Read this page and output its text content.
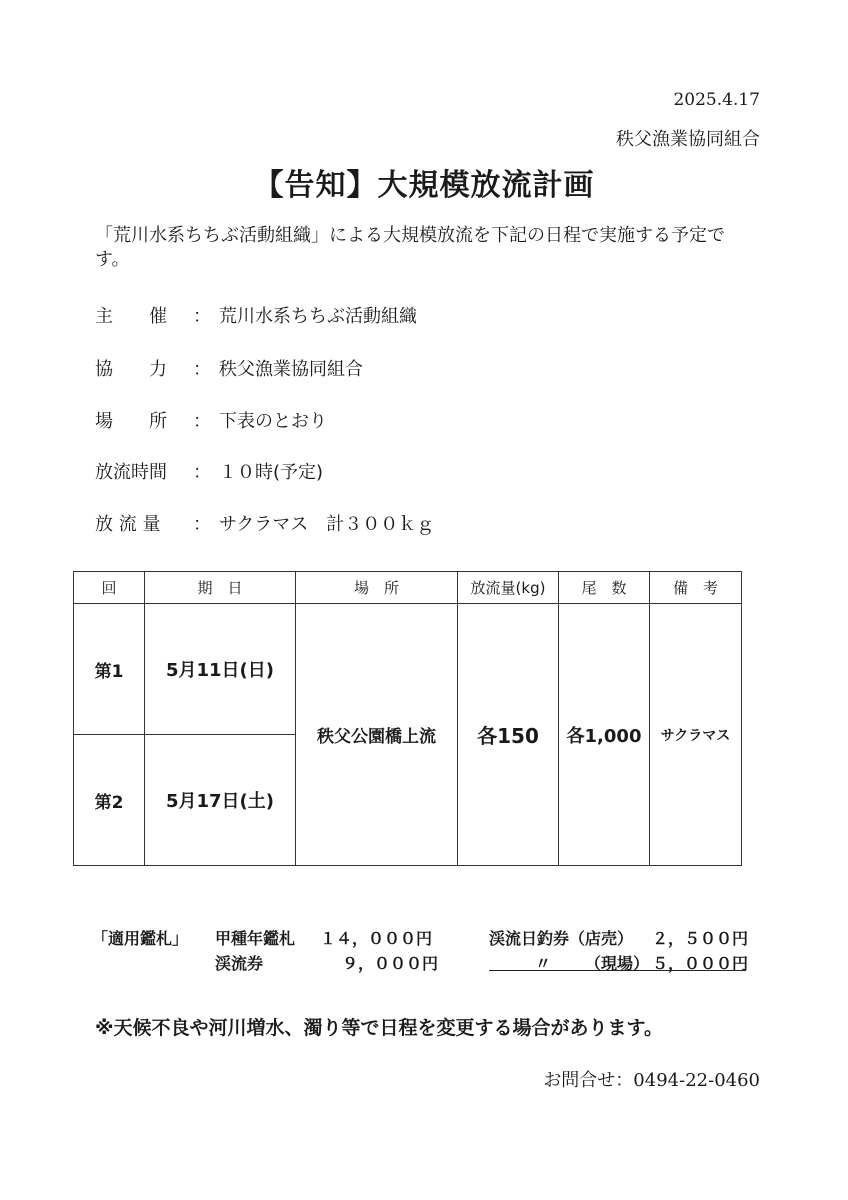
2025.4.17
秩父漁業協同組合
【告知】大規模放流計画
「荒川水系ちちぶ活動組織」による大規模放流を下記の日程で実施する予定です。
主　　催	： 荒川水系ちちぶ活動組織
協　　力	： 秩父漁業協同組合
場　　所	： 下表のとおり
放流時間	： １０時(予定)
放 流 量	： サクラマス　計３００ｋｇ
回	期　日	場　所	放流量(kg)	尾　数	備　考
第1	5月11日(日)	秩父公園橋上流	各150	各1,000	サクラマス
第2	5月17日(土)				
「適用鑑札」 甲種年鑑札 １４，０００円	渓流日釣券（店売） ２，５００円
渓流券	９，０００円	〃 （現場） ５，０００円
※天候不良や河川増水、濁り等で日程を変更する場合があります。
お問合せ：0494-22-0460
